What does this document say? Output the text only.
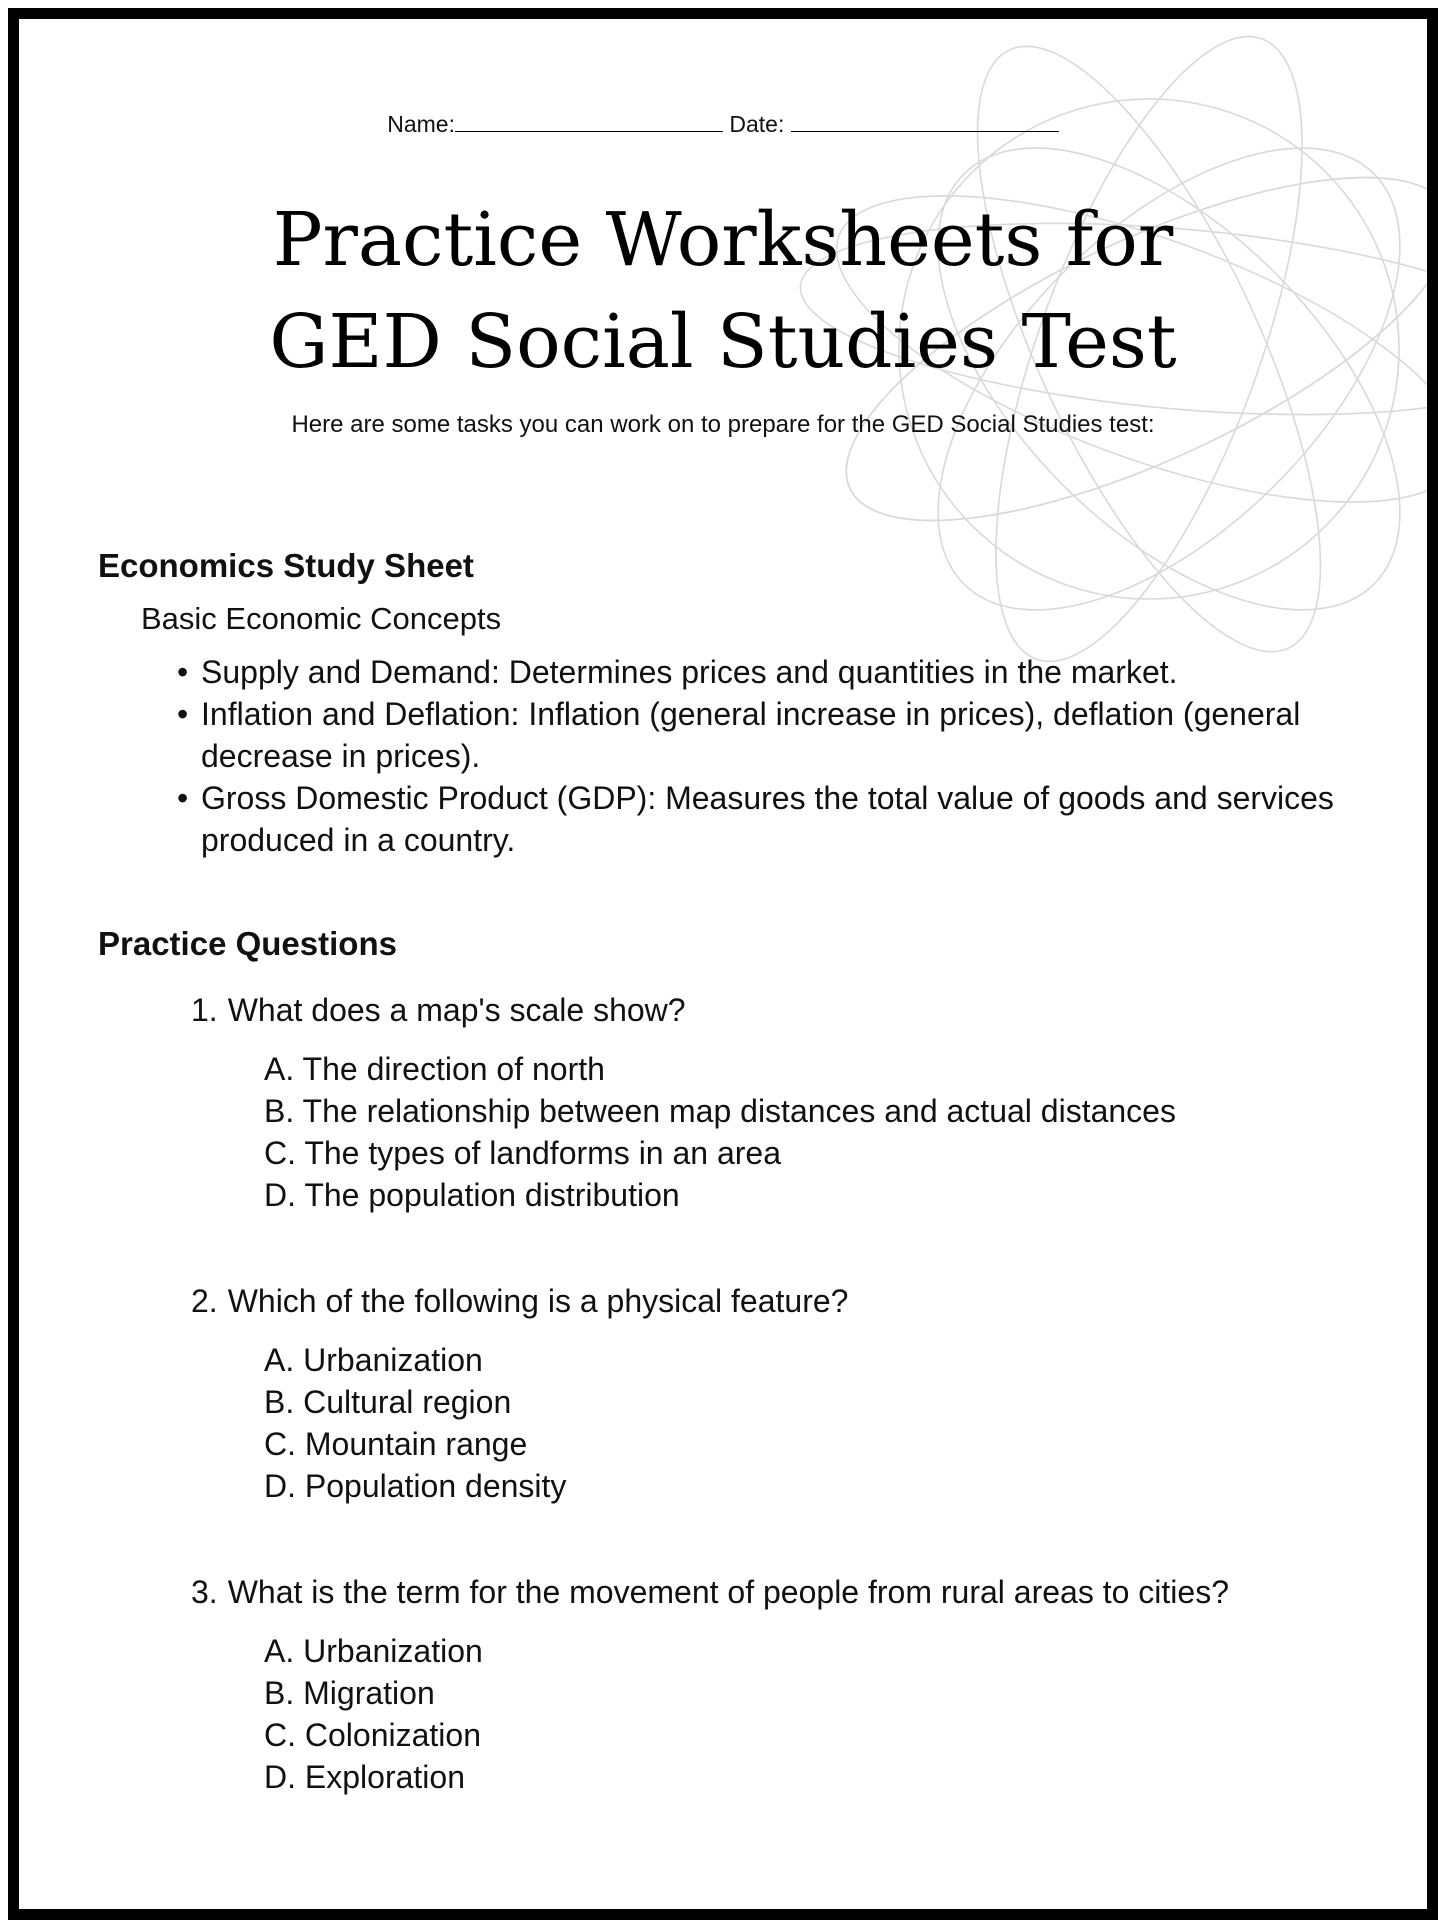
Name:	Date:
Practice Worksheets for
GED Social Studies Test
Here are some tasks you can work on to prepare for the GED Social Studies test:
Economics Study Sheet
Basic Economic Concepts
• Supply and Demand: Determines prices and quantities in the market.
• Inflation and Deflation: Inflation (general increase in prices), deflation (general decrease in prices).
• Gross Domestic Product (GDP): Measures the total value of goods and services produced in a country.
Practice Questions
1. What does a map's scale show?
A. The direction of north
B. The relationship between map distances and actual distances
C. The types of landforms in an area
D. The population distribution
2. Which of the following is a physical feature?
A. Urbanization
B. Cultural region
C. Mountain range
D. Population density
3. What is the term for the movement of people from rural areas to cities?
A. Urbanization
B. Migration
C. Colonization
D. Exploration
